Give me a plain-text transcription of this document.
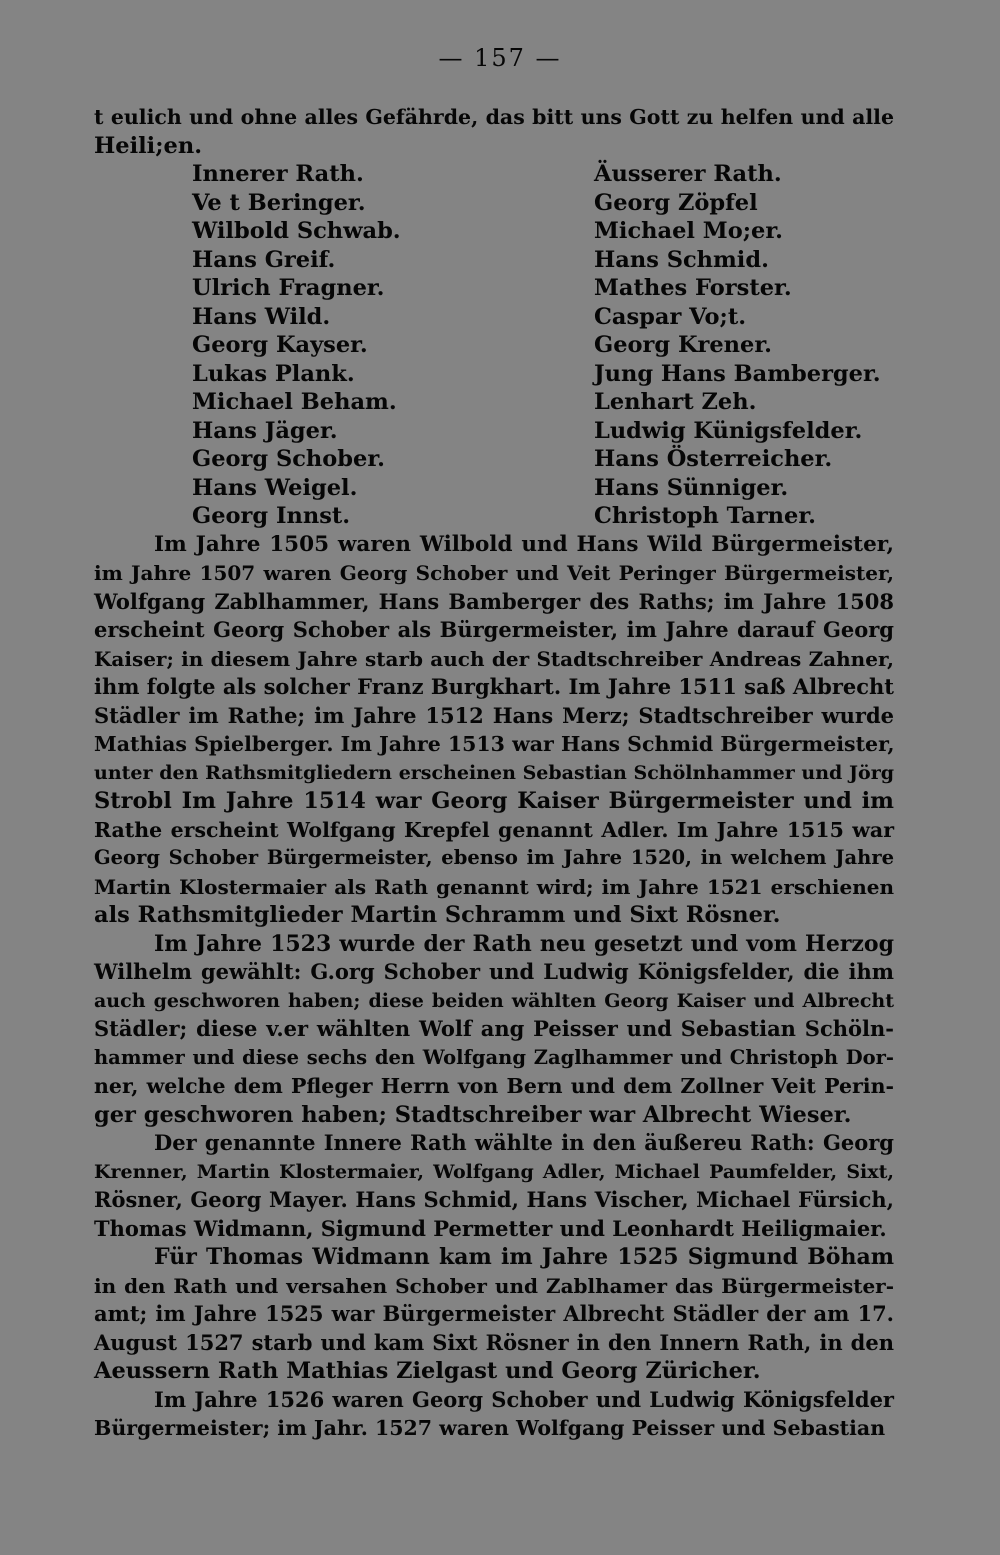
— 157 —
t eulich und ohne alles Gefährde, das bitt uns Gott zu helfen und alle
Heili;en.
Innerer Rath.	Äusserer Rath.
Ve t Beringer.	Georg Zöpfel
Wilbold Schwab.	Michael Mo;er.
Hans Greif.	Hans Schmid.
Ulrich Fragner.	Mathes Forster.
Hans Wild.	Caspar Vo;t.
Georg Kayser.	Georg Krener.
Lukas Plank.	Jung Hans Bamberger.
Michael Beham.	Lenhart Zeh.
Hans Jäger.	Ludwig Künigsfelder.
Georg Schober.	Hans Österreicher.
Hans Weigel.	Hans Sünniger.
Georg Innst.	Christoph Tarner.
Im Jahre 1505 waren Wilbold und Hans Wild Bürgermeister,
im Jahre 1507 waren Georg Schober und Veit Peringer Bürgermeister,
Wolfgang Zablhammer, Hans Bamberger des Raths; im Jahre 1508
erscheint Georg Schober als Bürgermeister, im Jahre darauf Georg
Kaiser; in diesem Jahre starb auch der Stadtschreiber Andreas Zahner,
ihm folgte als solcher Franz Burgkhart. Im Jahre 1511 saß Albrecht
Städler im Rathe; im Jahre 1512 Hans Merz; Stadtschreiber wurde
Mathias Spielberger. Im Jahre 1513 war Hans Schmid Bürgermeister,
unter den Rathsmitgliedern erscheinen Sebastian Schölnhammer und Jörg
Strobl Im Jahre 1514 war Georg Kaiser Bürgermeister und im
Rathe erscheint Wolfgang Krepfel genannt Adler. Im Jahre 1515 war
Georg Schober Bürgermeister, ebenso im Jahre 1520, in welchem Jahre
Martin Klostermaier als Rath genannt wird; im Jahre 1521 erschienen
als Rathsmitglieder Martin Schramm und Sixt Rösner.
Im Jahre 1523 wurde der Rath neu gesetzt und vom Herzog
Wilhelm gewählt: G.org Schober und Ludwig Königsfelder, die ihm
auch geschworen haben; diese beiden wählten Georg Kaiser und Albrecht
Städler; diese v.er wählten Wolf ang Peisser und Sebastian Schöln-
hammer und diese sechs den Wolfgang Zaglhammer und Christoph Dor-
ner, welche dem Pfleger Herrn von Bern und dem Zollner Veit Perin-
ger geschworen haben; Stadtschreiber war Albrecht Wieser.
Der genannte Innere Rath wählte in den äußereu Rath: Georg
Krenner, Martin Klostermaier, Wolfgang Adler, Michael Paumfelder, Sixt,
Rösner, Georg Mayer. Hans Schmid, Hans Vischer, Michael Fürsich,
Thomas Widmann, Sigmund Permetter und Leonhardt Heiligmaier.
Für Thomas Widmann kam im Jahre 1525 Sigmund Böham
in den Rath und versahen Schober und Zablhamer das Bürgermeister-
amt; im Jahre 1525 war Bürgermeister Albrecht Städler der am 17.
August 1527 starb und kam Sixt Rösner in den Innern Rath, in den
Aeussern Rath Mathias Zielgast und Georg Züricher.
Im Jahre 1526 waren Georg Schober und Ludwig Königsfelder
Bürgermeister; im Jahr. 1527 waren Wolfgang Peisser und Sebastian
